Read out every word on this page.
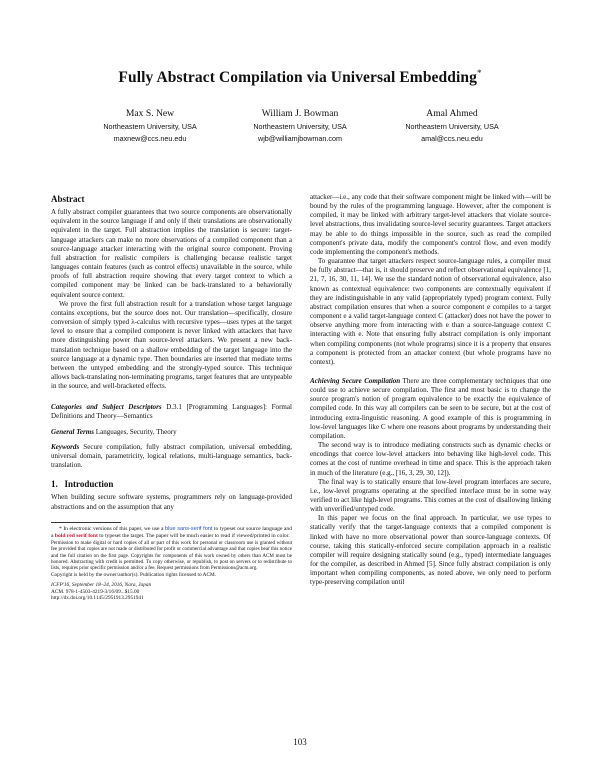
Fully Abstract Compilation via Universal Embedding*
Max S. New
Northeastern University, USA
maxnew@ccs.neu.edu
William J. Bowman
Northeastern University, USA
wjb@williamjbowman.com
Amal Ahmed
Northeastern University, USA
amal@ccs.neu.edu
Abstract

A fully abstract compiler guarantees that two source components are observationally equivalent in the source language if and only if their translations are observationally equivalent in the target. Full abstraction implies the translation is secure: target-language attackers can make no more observations of a compiled component than a source-language attacker interacting with the original source component. Proving full abstraction for realistic compilers is challenging because realistic target languages contain features (such as control effects) unavailable in the source, while proofs of full abstraction require showing that every target context to which a compiled component may be linked can be back-translated to a behaviorally equivalent source context.

We prove the first full abstraction result for a translation whose target language contains exceptions, but the source does not. Our translation—specifically, closure conversion of simply typed λ-calculus with recursive types—uses types at the target level to ensure that a compiled component is never linked with attackers that have more distinguishing power than source-level attackers. We present a new back-translation technique based on a shallow embedding of the target language into the source language at a dynamic type. Then boundaries are inserted that mediate terms between the untyped embedding and the strongly-typed source. This technique allows back-translating non-terminating programs, target features that are untypeable in the source, and well-bracketed effects.

Categories and Subject Descriptors D.3.1 [Programming Languages]: Formal Definitions and Theory—Semantics

General Terms Languages, Security, Theory

Keywords Secure compilation, fully abstract compilation, universal embedding, universal domain, parametricity, logical relations, multi-language semantics, back-translation.

1. Introduction

When building secure software systems, programmers rely on language-provided abstractions and on the assumption that any

* In electronic versions of this paper, we use a blue sans-serif font to typeset our source language and a bold red serif font to typeset the target. The paper will be much easier to read if viewed/printed in color.

Permission to make digital or hard copies of all or part of this work for personal or classroom use is granted without fee provided that copies are not made or distributed for profit or commercial advantage and that copies bear this notice and the full citation on the first page. Copyrights for components of this work owned by others than ACM must be honored. Abstracting with credit is permitted. To copy otherwise, or republish, to post on servers or to redistribute to lists, requires prior specific permission and/or a fee. Request permissions from Permissions@acm.org.

Copyright is held by the owner/author(s). Publication rights licensed to ACM.

ICFP'16, September 18–24, 2016, Nara, Japan
ACM. 978-1-4503-4219-3/16/09...$15.00
http://dx.doi.org/10.1145/2951913.2951941

attacker—i.e., any code that their software component might be linked with—will be bound by the rules of the programming language. However, after the component is compiled, it may be linked with arbitrary target-level attackers that violate source-level abstractions, thus invalidating source-level security guarantees. Target attackers may be able to do things impossible in the source, such as read the compiled component's private data, modify the component's control flow, and even modify code implementing the component's methods.

To guarantee that target attackers respect source-language rules, a compiler must be fully abstract—that is, it should preserve and reflect observational equivalence [1, 21, 7, 16, 30, 11, 14]. We use the standard notion of observational equivalence, also known as contextual equivalence: two components are contextually equivalent if they are indistinguishable in any valid (appropriately typed) program context. Fully abstract compilation ensures that when a source component e compiles to a target component e a valid target-language context C (attacker) does not have the power to observe anything more from interacting with e than a source-language context C interacting with e. Note that ensuring fully abstract compilation is only important when compiling components (not whole programs) since it is a property that ensures a component is protected from an attacker context (but whole programs have no context).

Achieving Secure Compilation There are three complementary techniques that one could use to achieve secure compilation. The first and most basic is to change the source program's notion of program equivalence to be exactly the equivalence of compiled code. In this way all compilers can be seen to be secure, but at the cost of introducing extra-linguistic reasoning. A good example of this is programming in low-level languages like C where one reasons about programs by understanding their compilation.

The second way is to introduce mediating constructs such as dynamic checks or encodings that coerce low-level attackers into behaving like high-level code. This comes at the cost of runtime overhead in time and space. This is the approach taken in much of the literature (e.g., [16, 3, 29, 30, 12]).

The final way is to statically ensure that low-level program interfaces are secure, i.e., low-level programs operating at the specified interface must be in some way verified to act like high-level programs. This comes at the cost of disallowing linking with unverified/untyped code.

In this paper we focus on the final approach. In particular, we use types to statically verify that the target-language contexts that a compiled component is linked with have no more observational power than source-language contexts. Of course, taking this statically-enforced secure compilation approach in a realistic compiler will require designing statically sound (e.g., typed) intermediate languages for the compiler, as described in Ahmed [5]. Since fully abstract compilation is only important when compiling components, as noted above, we only need to perform type-preserving compilation until

103
